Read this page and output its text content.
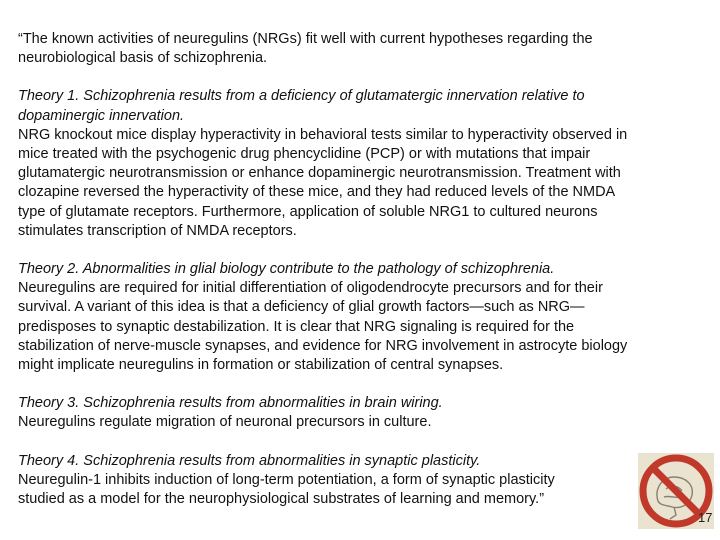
“The known activities of neuregulins (NRGs) fit well with current hypotheses regarding the
neurobiological basis of schizophrenia.

Theory 1. Schizophrenia results from a deficiency of glutamatergic innervation relative to
dopaminergic innervation.
NRG knockout mice display hyperactivity in behavioral tests similar to hyperactivity observed in
mice treated with the psychogenic drug phencyclidine (PCP) or with mutations that impair
glutamatergic neurotransmission or enhance dopaminergic neurotransmission. Treatment with
clozapine reversed the hyperactivity of these mice, and they had reduced levels of the NMDA
type of glutamate receptors. Furthermore, application of soluble NRG1 to cultured neurons
stimulates transcription of NMDA receptors.

Theory 2. Abnormalities in glial biology contribute to the pathology of schizophrenia.
Neuregulins are required for initial differentiation of oligodendrocyte precursors and for their
survival. A variant of this idea is that a deficiency of glial growth factors—such as NRG—
predisposes to synaptic destabilization. It is clear that NRG signaling is required for the
stabilization of nerve-muscle synapses, and evidence for NRG involvement in astrocyte biology
might implicate neuregulins in formation or stabilization of central synapses.

Theory 3. Schizophrenia results from abnormalities in brain wiring.
Neuregulins regulate migration of neuronal precursors in culture.

Theory 4. Schizophrenia results from abnormalities in synaptic plasticity.
Neuregulin-1 inhibits induction of long-term potentiation, a form of synaptic plasticity
studied as a model for the neurophysiological substrates of learning and memory.”

17
